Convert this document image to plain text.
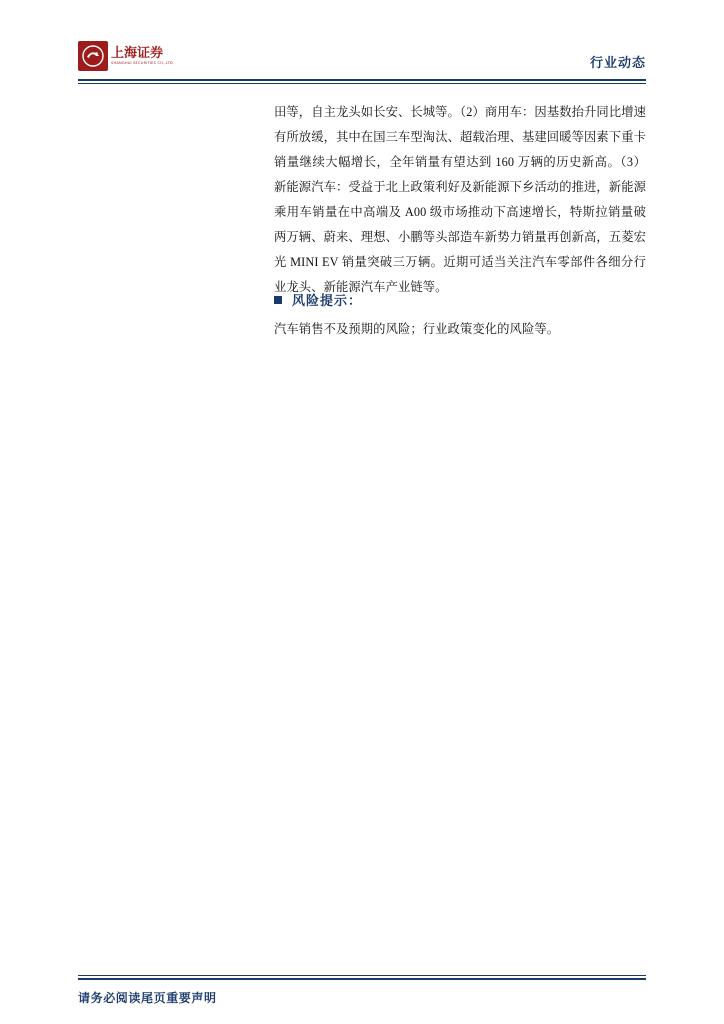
上海证券
SHANGHAI SECURITIES CO.,LTD	行业动态

田等，自主龙头如长安、长城等。（2）商用车：因基数抬升同比增速有所放缓，其中在国三车型淘汰、超载治理、基建回暖等因素下重卡销量继续大幅增长，全年销量有望达到 160 万辆的历史新高。（3）新能源汽车：受益于北上政策利好及新能源下乡活动的推进，新能源乘用车销量在中高端及 A00 级市场推动下高速增长，特斯拉销量破两万辆、蔚来、理想、小鹏等头部造车新势力销量再创新高，五菱宏光 MINI EV 销量突破三万辆。近期可适当关注汽车零部件各细分行业龙头、新能源汽车产业链等。

风险提示：
汽车销售不及预期的风险；行业政策变化的风险等。
请务必阅读尾页重要声明
